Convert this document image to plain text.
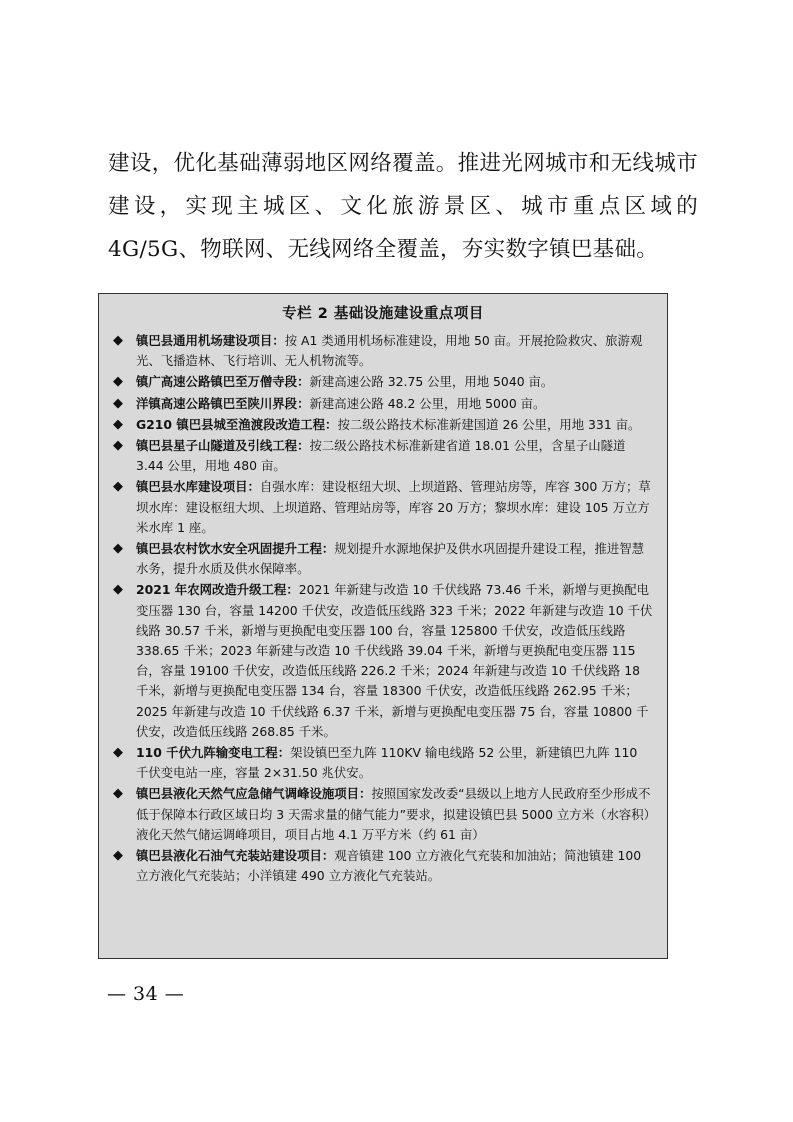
建设，优化基础薄弱地区网络覆盖。推进光网城市和无线城市建设，实现主城区、文化旅游景区、城市重点区域的4G/5G、物联网、无线网络全覆盖，夯实数字镇巴基础。

专栏 2 基础设施建设重点项目
◆ 镇巴县通用机场建设项目：按 A1 类通用机场标准建设，用地 50 亩。开展抢险救灾、旅游观光、飞播造林、飞行培训、无人机物流等。
◆ 镇广高速公路镇巴至万僧寺段：新建高速公路 32.75 公里，用地 5040 亩。
◆ 洋镇高速公路镇巴至陕川界段：新建高速公路 48.2 公里，用地 5000 亩。
◆ G210 镇巴县城至渔渡段改造工程：按二级公路技术标准新建国道 26 公里，用地 331 亩。
◆ 镇巴县星子山隧道及引线工程：按二级公路技术标准新建省道 18.01 公里，含星子山隧道 3.44 公里，用地 480 亩。
◆ 镇巴县水库建设项目：自强水库：建设枢纽大坝、上坝道路、管理站房等，库容 300 万方；草坝水库：建设枢纽大坝、上坝道路、管理站房等，库容 20 万方；黎坝水库：建设 105 万立方米水库 1 座。
◆ 镇巴县农村饮水安全巩固提升工程：规划提升水源地保护及供水巩固提升建设工程，推进智慧水务，提升水质及供水保障率。
◆ 2021 年农网改造升级工程：2021 年新建与改造 10 千伏线路 73.46 千米，新增与更换配电变压器 130 台，容量 14200 千伏安，改造低压线路 323 千米；2022 年新建与改造 10 千伏线路 30.57 千米，新增与更换配电变压器 100 台，容量 125800 千伏安，改造低压线路 338.65 千米；2023 年新建与改造 10 千伏线路 39.04 千米，新增与更换配电变压器 115 台，容量 19100 千伏安，改造低压线路 226.2 千米；2024 年新建与改造 10 千伏线路 18 千米，新增与更换配电变压器 134 台，容量 18300 千伏安，改造低压线路 262.95 千米；2025 年新建与改造 10 千伏线路 6.37 千米，新增与更换配电变压器 75 台，容量 10800 千伏安，改造低压线路 268.85 千米。
◆ 110 千伏九阵输变电工程：架设镇巴至九阵 110KV 输电线路 52 公里，新建镇巴九阵 110 千伏变电站一座，容量 2×31.50 兆伏安。
◆ 镇巴县液化天然气应急储气调峰设施项目：按照国家发改委“县级以上地方人民政府至少形成不低于保障本行政区域日均 3 天需求量的储气能力”要求，拟建设镇巴县 5000 立方米（水容积）液化天然气储运调峰项目，项目占地 4.1 万平方米（约 61 亩）
◆ 镇巴县液化石油气充装站建设项目：观音镇建 100 立方液化气充装和加油站；简池镇建 100 立方液化气充装站；小洋镇建 490 立方液化气充装站。
— 34 —
